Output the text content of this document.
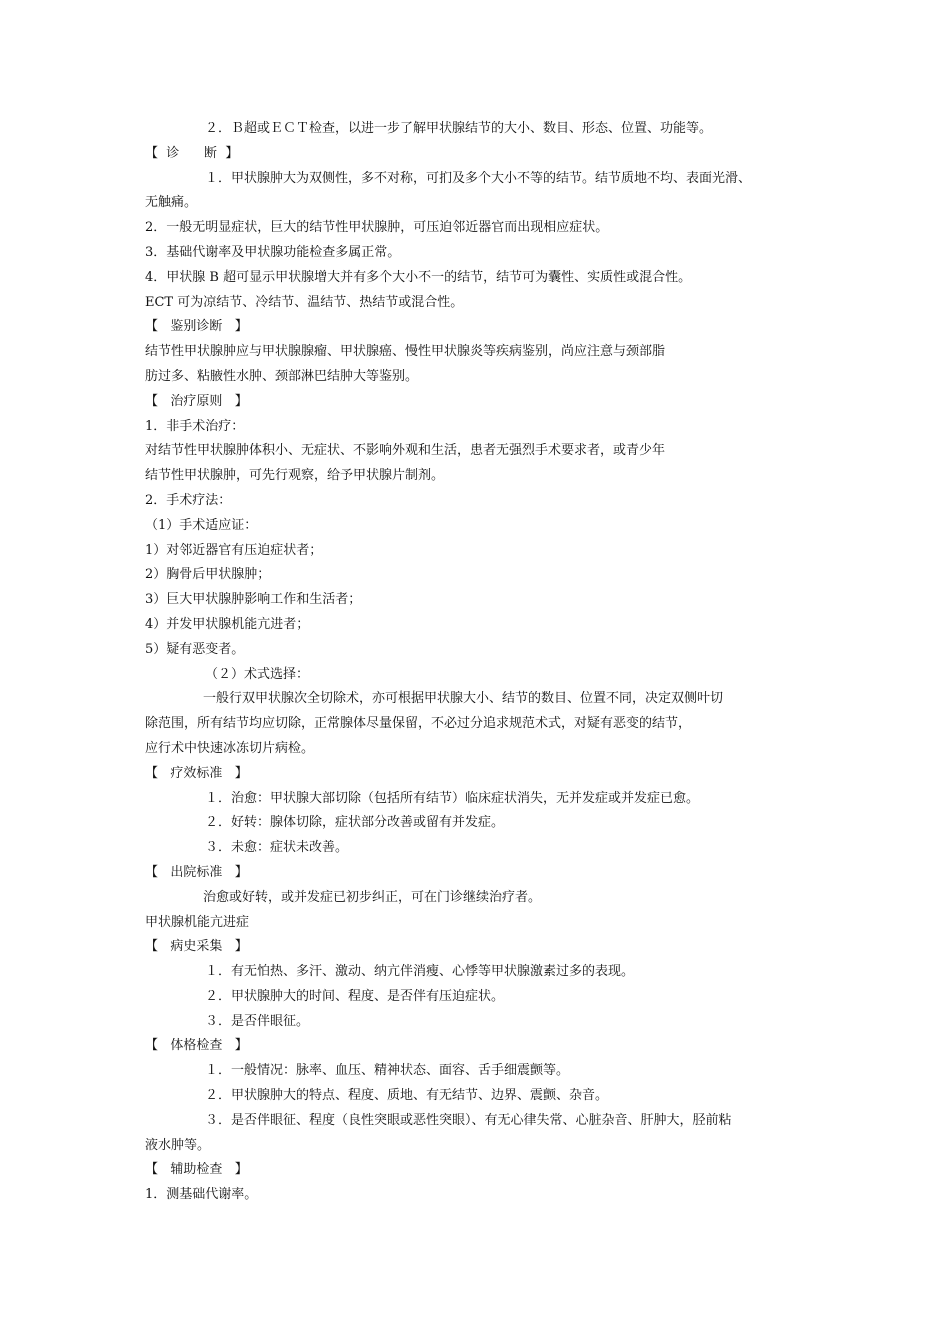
２．Ｂ超或ＥＣＴ检查，以进一步了解甲状腺结节的大小、数目、形态、位置、功能等。
【  诊      断  】
１．甲状腺肿大为双侧性，多不对称，可扪及多个大小不等的结节。结节质地不均、表面光滑、
无触痛。
2．一般无明显症状，巨大的结节性甲状腺肿，可压迫邻近器官而出现相应症状。
3．基础代谢率及甲状腺功能检查多属正常。
4．甲状腺 B 超可显示甲状腺增大并有多个大小不一的结节，结节可为囊性、实质性或混合性。
ECT 可为凉结节、冷结节、温结节、热结节或混合性。
【   鉴别诊断   】
结节性甲状腺肿应与甲状腺腺瘤、甲状腺癌、慢性甲状腺炎等疾病鉴别，尚应注意与颈部脂
肪过多、粘腋性水肿、颈部淋巴结肿大等鉴别。
【   治疗原则   】
1．非手术治疗：
对结节性甲状腺肿体积小、无症状、不影响外观和生活，患者无强烈手术要求者，或青少年
结节性甲状腺肿，可先行观察，给予甲状腺片制剂。
2．手术疗法：
（1）手术适应证：
1）对邻近器官有压迫症状者；
2）胸骨后甲状腺肿；
3）巨大甲状腺肿影响工作和生活者；
4）并发甲状腺机能亢进者；
5）疑有恶变者。
（２）术式选择：
一般行双甲状腺次全切除术，亦可根据甲状腺大小、结节的数目、位置不同，决定双侧叶切
除范围，所有结节均应切除，正常腺体尽量保留，不必过分追求规范术式，对疑有恶变的结节，
应行术中快速冰冻切片病检。
【   疗效标准   】
１．治愈：甲状腺大部切除（包括所有结节）临床症状消失，无并发症或并发症已愈。
２．好转：腺体切除，症状部分改善或留有并发症。
３．未愈：症状未改善。
【   出院标准   】
治愈或好转，或并发症已初步纠正，可在门诊继续治疗者。
甲状腺机能亢进症
【   病史采集   】
１．有无怕热、多汗、激动、纳亢伴消瘦、心悸等甲状腺激素过多的表现。
２．甲状腺肿大的时间、程度、是否伴有压迫症状。
３．是否伴眼征。
【   体格检查   】
１．一般情况：脉率、血压、精神状态、面容、舌手细震颤等。
２．甲状腺肿大的特点、程度、质地、有无结节、边界、震颤、杂音。
３．是否伴眼征、程度（良性突眼或恶性突眼）、有无心律失常、心脏杂音、肝肿大，胫前粘
液水肿等。
【   辅助检查   】
1．测基础代谢率。
